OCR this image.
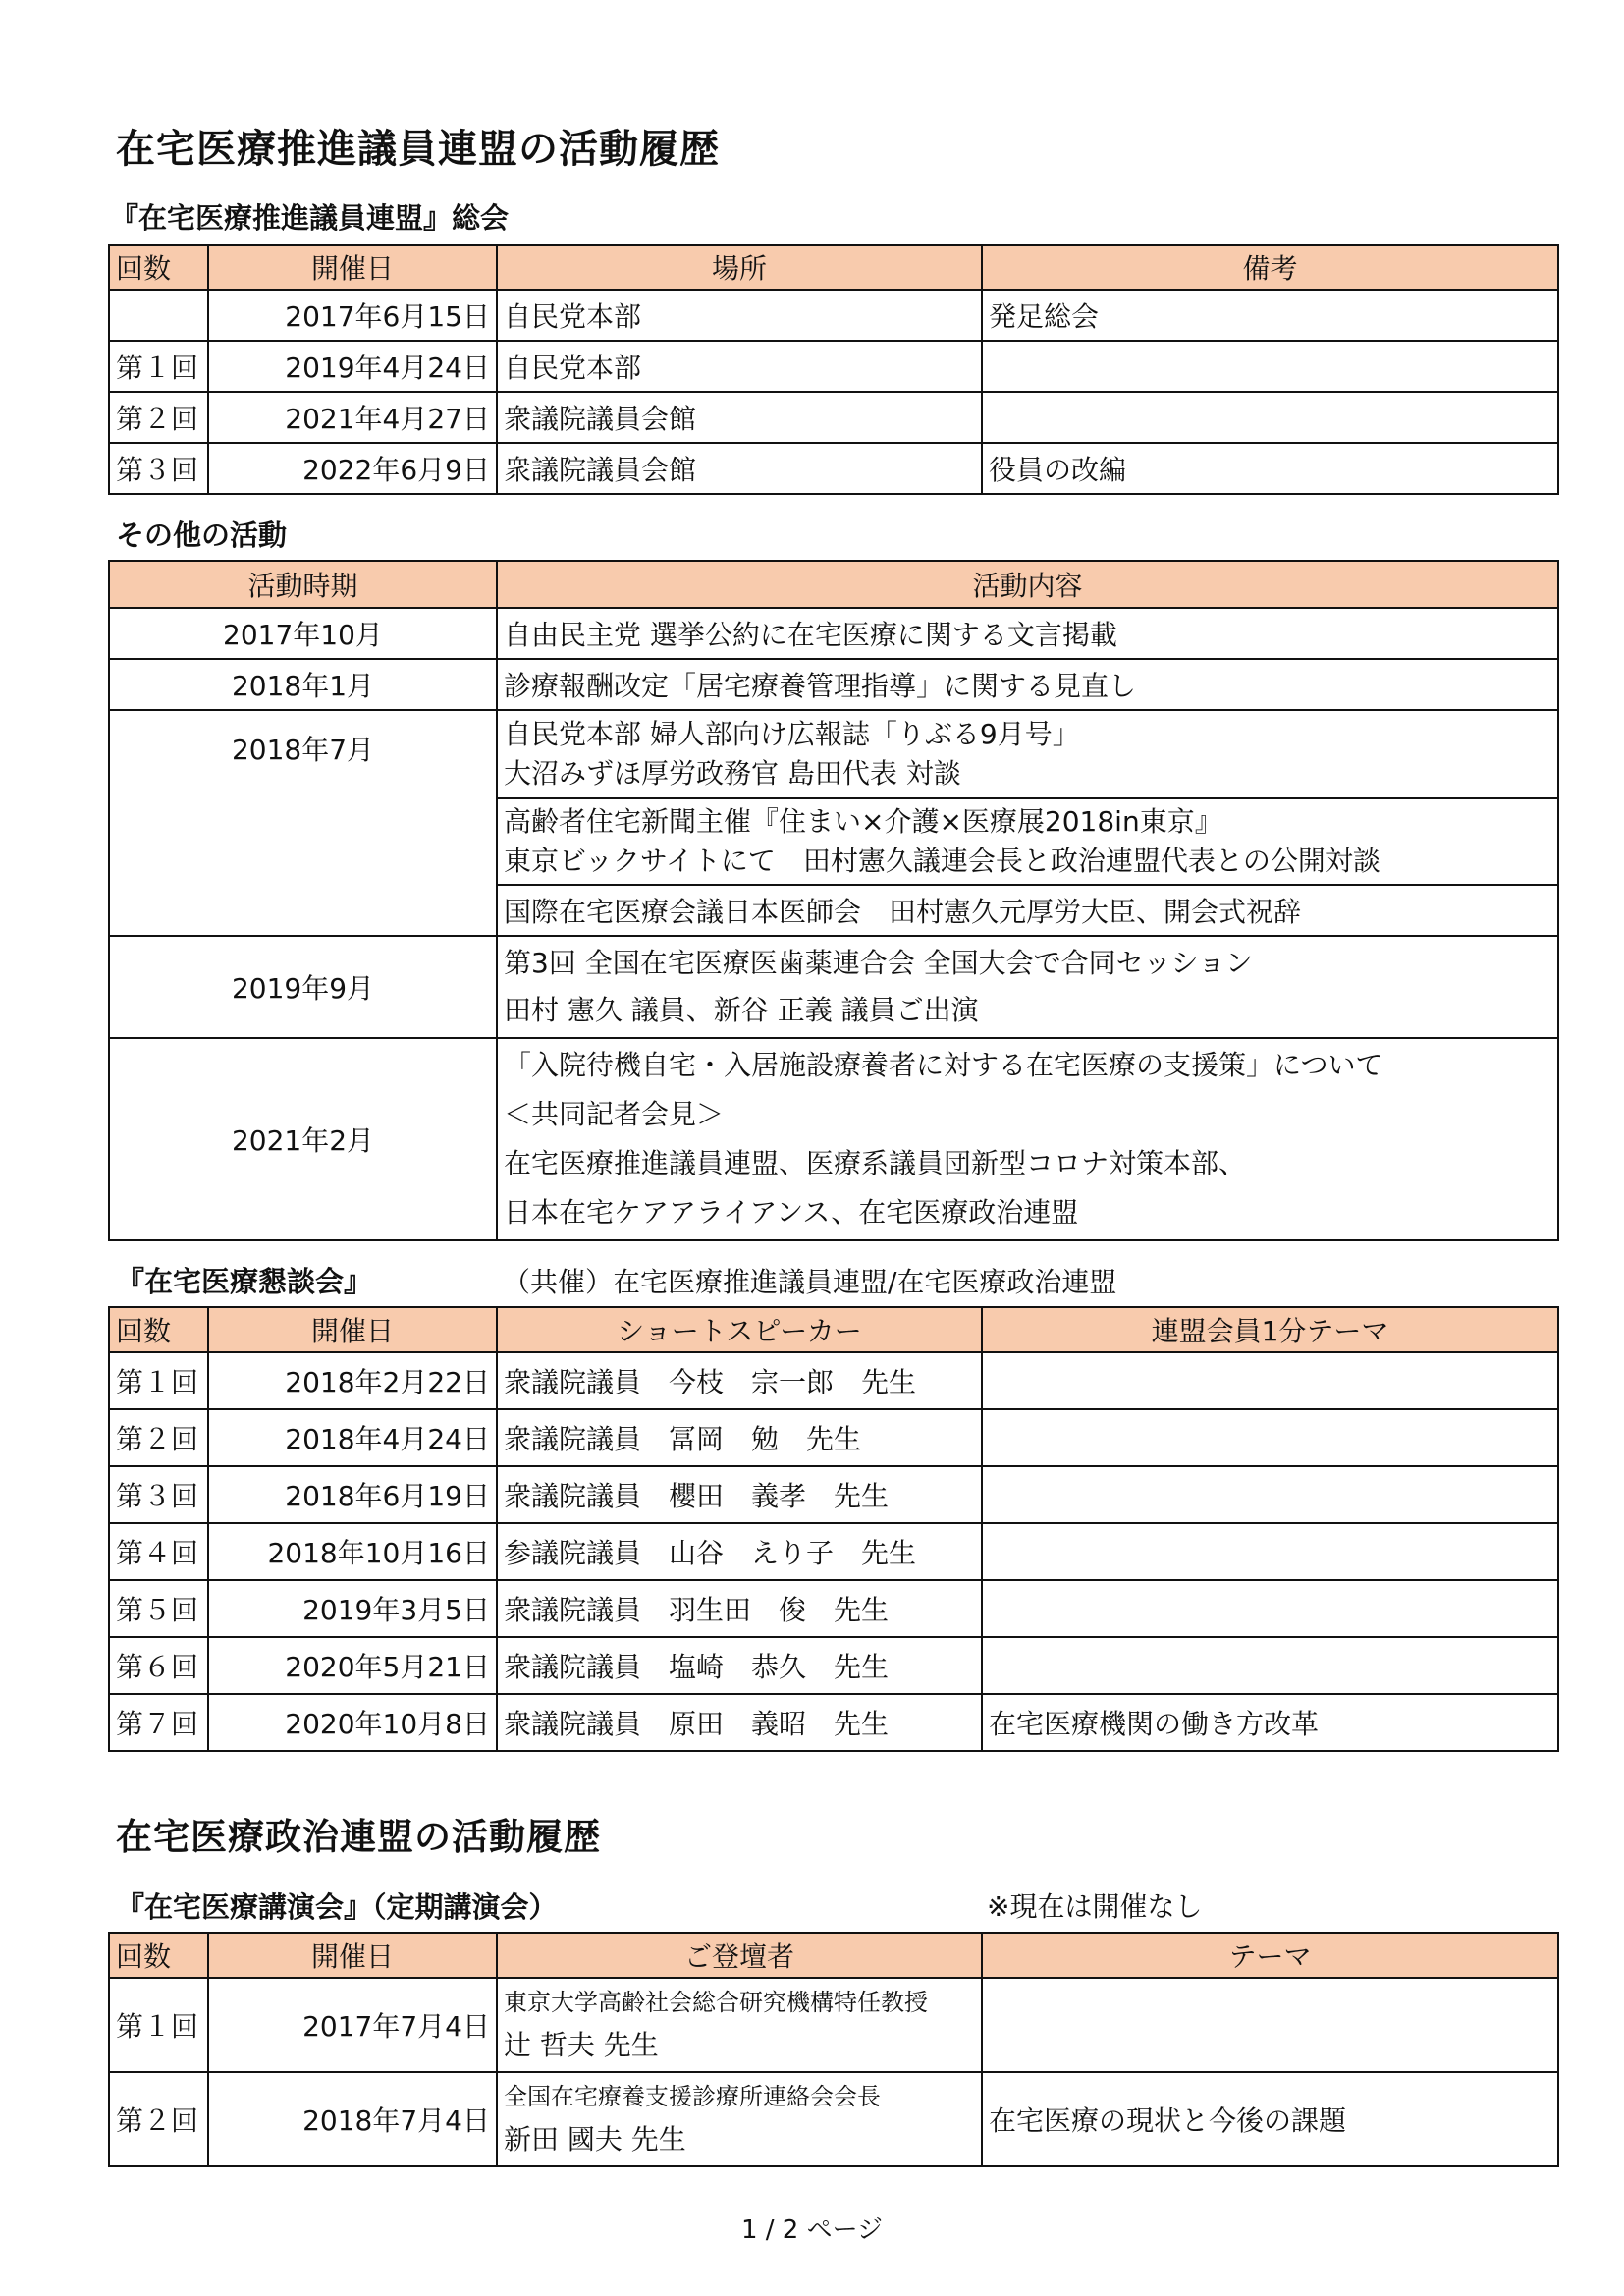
在宅医療推進議員連盟の活動履歴
『在宅医療推進議員連盟』総会
回数	開催日	場所	備考
	2017年6月15日	自民党本部	発足総会
第１回	2019年4月24日	自民党本部	
第２回	2021年4月27日	衆議院議員会館	
第３回	2022年6月9日	衆議院議員会館	役員の改編
その他の活動
活動時期	活動内容
2017年10月	自由民主党 選挙公約に在宅医療に関する文言掲載
2018年1月	診療報酬改定「居宅療養管理指導」に関する見直し
2018年7月	自民党本部 婦人部向け広報誌「りぶる9月号」
大沼みずほ厚労政務官 島田代表 対談

	高齢者住宅新聞主催『住まい×介護×医療展2018in東京』
東京ビックサイトにて　田村憲久議連会長と政治連盟代表との公開対談

	国際在宅医療会議日本医師会　田村憲久元厚労大臣、開会式祝辞
2019年9月	第3回 全国在宅医療医歯薬連合会 全国大会で合同セッション
田村 憲久 議員、新谷 正義 議員ご出演

2021年2月	「入院待機自宅・入居施設療養者に対する在宅医療の支援策」について
＜共同記者会見＞
在宅医療推進議員連盟、医療系議員団新型コロナ対策本部、
日本在宅ケアアライアンス、在宅医療政治連盟
『在宅医療懇談会』	（共催）在宅医療推進議員連盟/在宅医療政治連盟
回数	開催日	ショートスピーカー	連盟会員1分テーマ
第１回	2018年2月22日	衆議院議員　今枝　宗一郎　先生	
第２回	2018年4月24日	衆議院議員　冨岡　勉　先生	
第３回	2018年6月19日	衆議院議員　櫻田　義孝　先生	
第４回	2018年10月16日	参議院議員　山谷　えり子　先生	
第５回	2019年3月5日	衆議院議員　羽生田　俊　先生	
第６回	2020年5月21日	衆議院議員　塩崎　恭久　先生	
第７回	2020年10月8日	衆議院議員　原田　義昭　先生	在宅医療機関の働き方改革
在宅医療政治連盟の活動履歴
『在宅医療講演会』（定期講演会）	※現在は開催なし
回数	開催日	ご登壇者	テーマ
第１回	2017年7月4日	東京大学高齢社会総合研究機構特任教授
辻 哲夫 先生	

第２回	2018年7月4日	全国在宅療養支援診療所連絡会会長
新田 國夫 先生	在宅医療の現状と今後の課題
1 / 2 ページ
